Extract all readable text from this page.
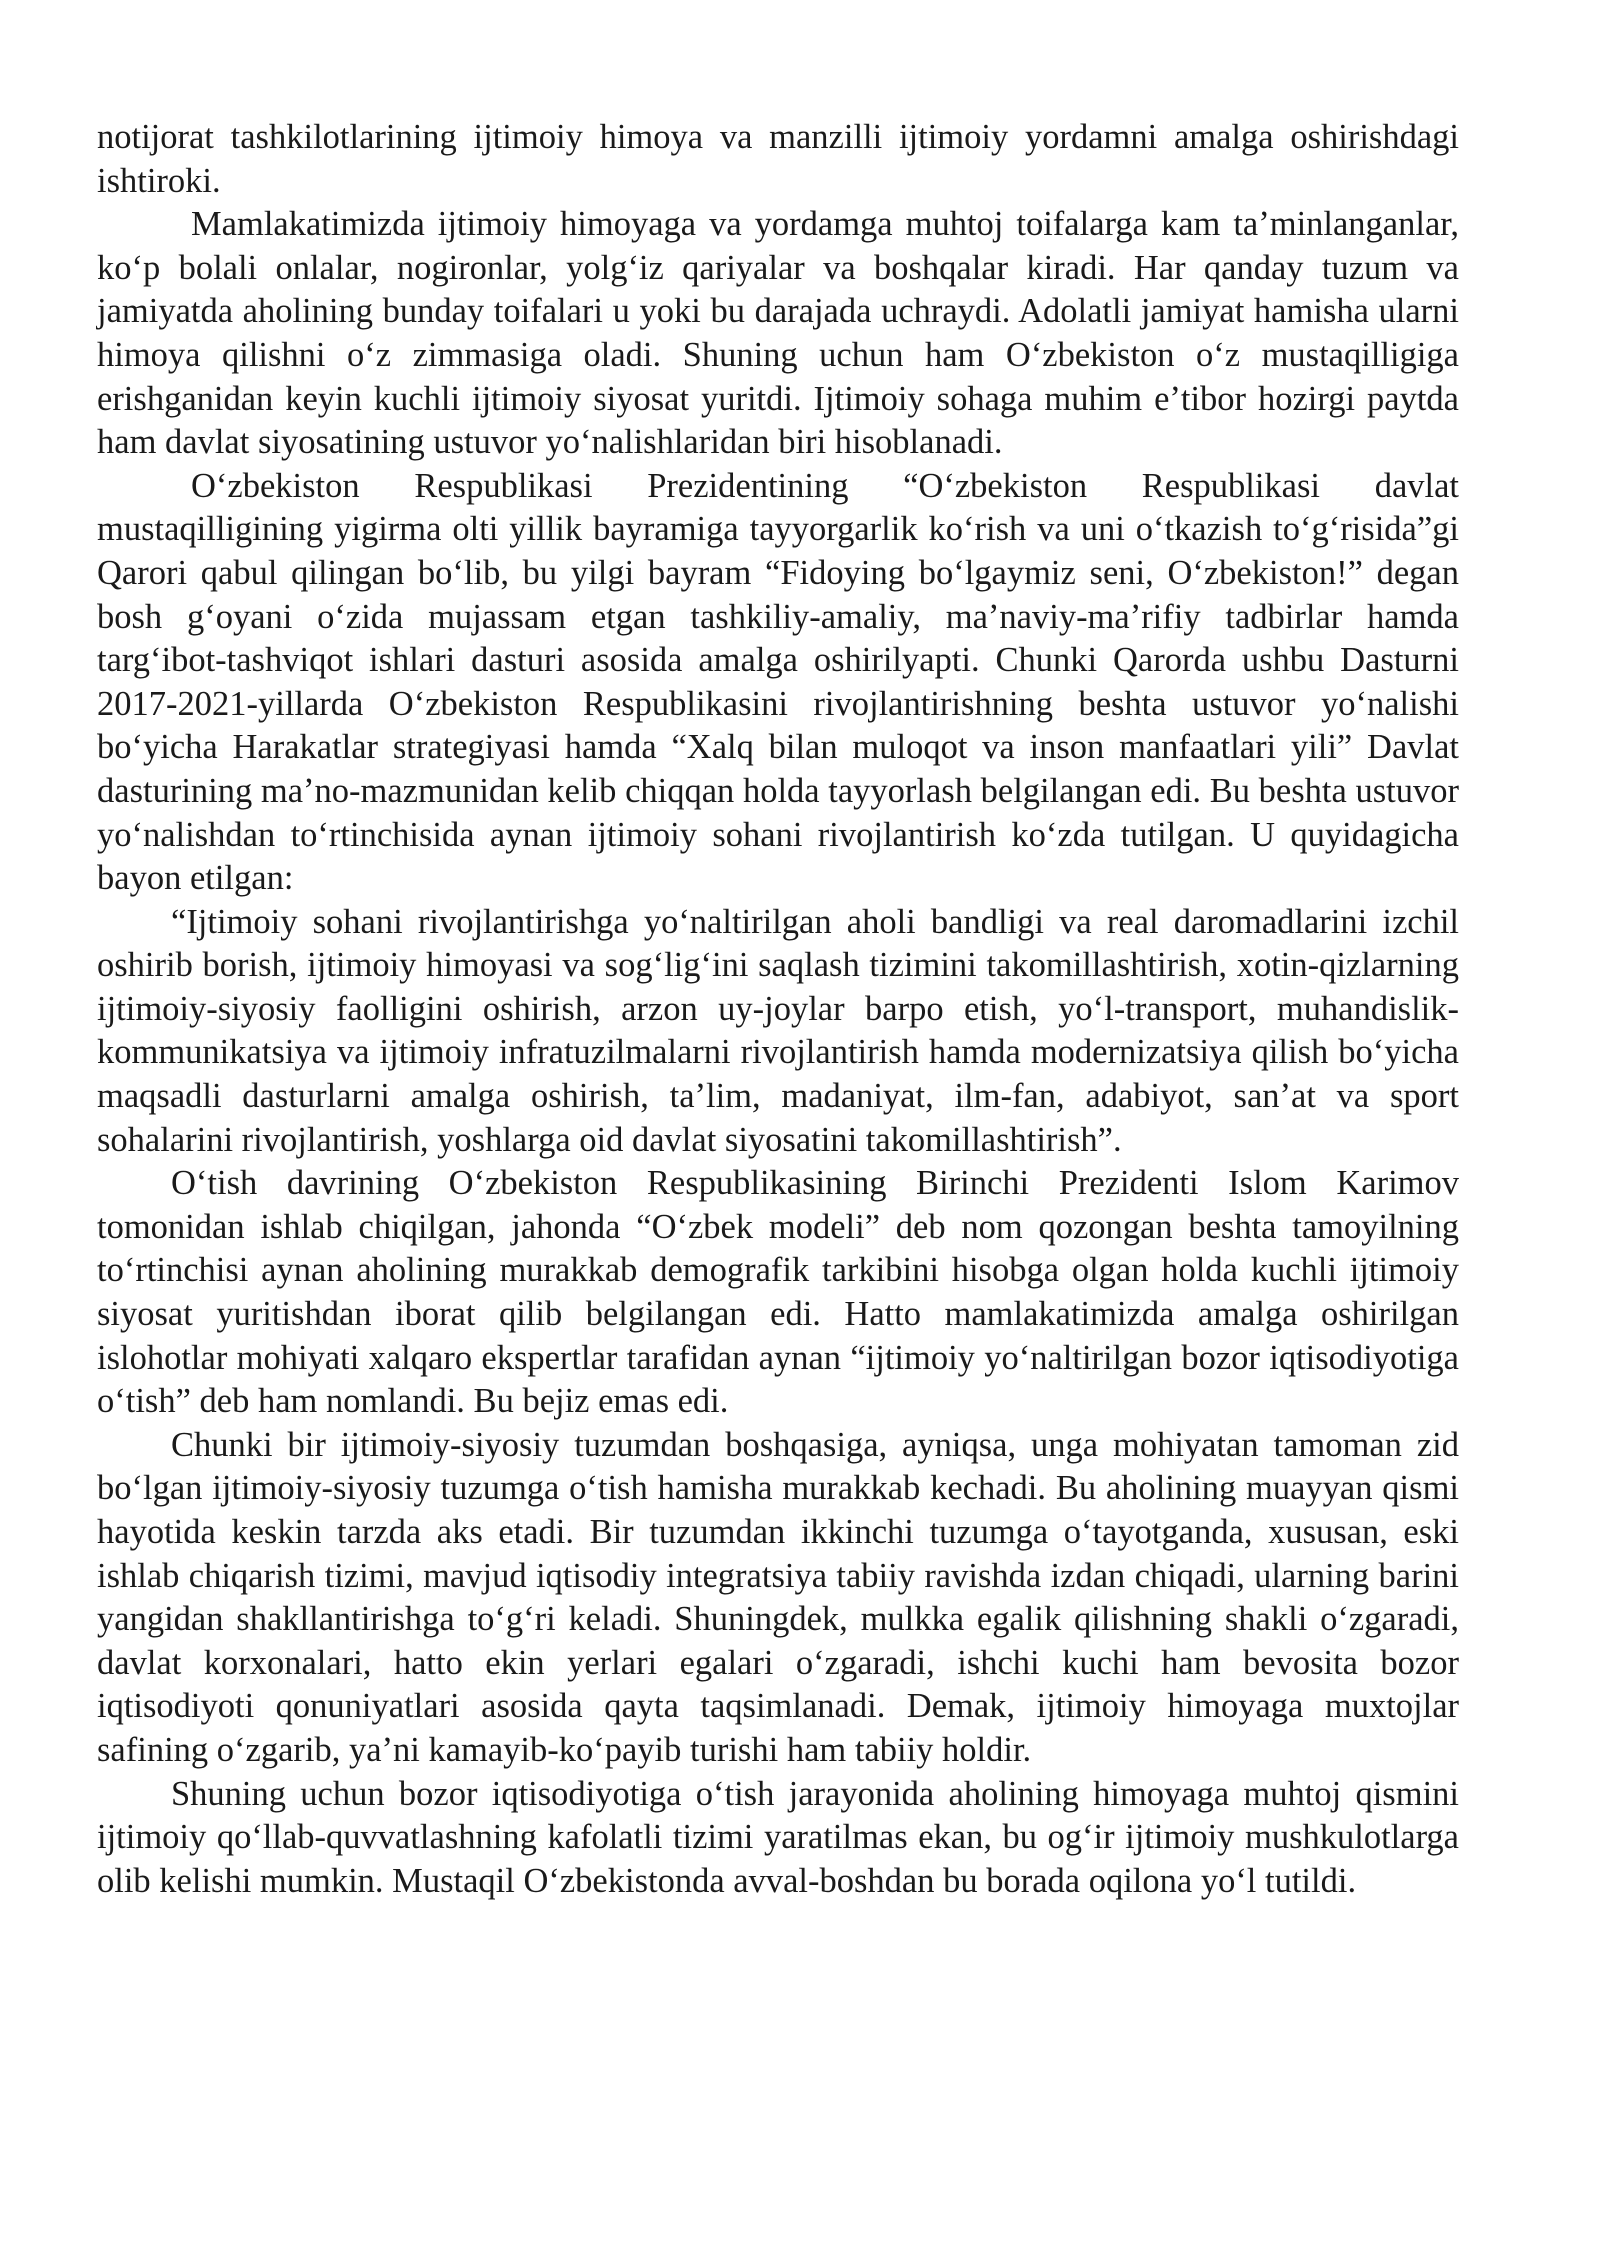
notijorat tashkilotlarining ijtimoiy himoya va manzilli ijtimoiy yordamni amalga oshirishdagi ishtiroki.

Mamlakatimizda ijtimoiy himoyaga va yordamga muhtoj toifalarga kam taʼminlanganlar, koʻp bolali onlalar, nogironlar, yolgʻiz qariyalar va boshqalar kiradi. Har qanday tuzum va jamiyatda aholining bunday toifalari u yoki bu darajada uchraydi. Adolatli jamiyat hamisha ularni himoya qilishni oʻz zimmasiga oladi. Shuning uchun ham Oʻzbekiston oʻz mustaqilligiga erishganidan keyin kuchli ijtimoiy siyosat yuritdi. Ijtimoiy sohaga muhim eʼtibor hozirgi paytda ham davlat siyosatining ustuvor yoʻnalishlaridan biri hisoblanadi.

Oʻzbekiston Respublikasi Prezidentining “Oʻzbekiston Respublikasi davlat mustaqilligining yigirma olti yillik bayramiga tayyorgarlik koʻrish va uni oʻtkazish toʻgʻrisida”gi Qarori qabul qilingan boʻlib, bu yilgi bayram “Fidoying boʻlgaymiz seni, Oʻzbekiston!” degan bosh gʻoyani oʻzida mujassam etgan tashkiliy-amaliy, maʼnaviy-maʼrifiy tadbirlar hamda targʻibot-tashviqot ishlari dasturi asosida amalga oshirilyapti. Chunki Qarorda ushbu Dasturni 2017-2021-yillarda Oʻzbekiston Respublikasini rivojlantirishning beshta ustuvor yoʻnalishi boʻyicha Harakatlar strategiyasi hamda “Xalq bilan muloqot va inson manfaatlari yili” Davlat dasturining maʼno-mazmunidan kelib chiqqan holda tayyorlash belgilangan edi. Bu beshta ustuvor yoʻnalishdan toʻrtinchisida aynan ijtimoiy sohani rivojlantirish koʻzda tutilgan. U quyidagicha bayon etilgan:

“Ijtimoiy sohani rivojlantirishga yoʻnaltirilgan aholi bandligi va real daromadlarini izchil oshirib borish, ijtimoiy himoyasi va sogʻligʻini saqlash tizimini takomillashtirish, xotin-qizlarning ijtimoiy-siyosiy faolligini oshirish, arzon uy-joylar barpo etish, yoʻl-transport, muhandislik-kommunikatsiya va ijtimoiy infratuzilmalarni rivojlantirish hamda modernizatsiya qilish boʻyicha maqsadli dasturlarni amalga oshirish, taʼlim, madaniyat, ilm-fan, adabiyot, sanʼat va sport sohalarini rivojlantirish, yoshlarga oid davlat siyosatini takomillashtirish”.

Oʻtish davrining Oʻzbekiston Respublikasining Birinchi Prezidenti Islom Karimov tomonidan ishlab chiqilgan, jahonda “Oʻzbek modeli” deb nom qozongan beshta tamoyilning toʻrtinchisi aynan aholining murakkab demografik tarkibini hisobga olgan holda kuchli ijtimoiy siyosat yuritishdan iborat qilib belgilangan edi. Hatto mamlakatimizda amalga oshirilgan islohotlar mohiyati xalqaro ekspertlar tarafidan aynan “ijtimoiy yoʻnaltirilgan bozor iqtisodiyotiga oʻtish” deb ham nomlandi. Bu bejiz emas edi.

Chunki bir ijtimoiy-siyosiy tuzumdan boshqasiga, ayniqsa, unga mohiyatan tamoman zid boʻlgan ijtimoiy-siyosiy tuzumga oʻtish hamisha murakkab kechadi. Bu aholining muayyan qismi hayotida keskin tarzda aks etadi. Bir tuzumdan ikkinchi tuzumga oʻtayotganda, xususan, eski ishlab chiqarish tizimi, mavjud iqtisodiy integratsiya tabiiy ravishda izdan chiqadi, ularning barini yangidan shakllantirishga toʻgʻri keladi. Shuningdek, mulkka egalik qilishning shakli oʻzgaradi, davlat korxonalari, hatto ekin yerlari egalari oʻzgaradi, ishchi kuchi ham bevosita bozor iqtisodiyoti qonuniyatlari asosida qayta taqsimlanadi. Demak, ijtimoiy himoyaga muxtojlar safining oʻzgarib, yaʼni kamayib-koʻpayib turishi ham tabiiy holdir.

Shuning uchun bozor iqtisodiyotiga oʻtish jarayonida aholining himoyaga muhtoj qismini ijtimoiy qoʻllab-quvvatlashning kafolatli tizimi yaratilmas ekan, bu ogʻir ijtimoiy mushkulotlarga olib kelishi mumkin. Mustaqil Oʻzbekistonda avval-boshdan bu borada oqilona yoʻl tutildi.
